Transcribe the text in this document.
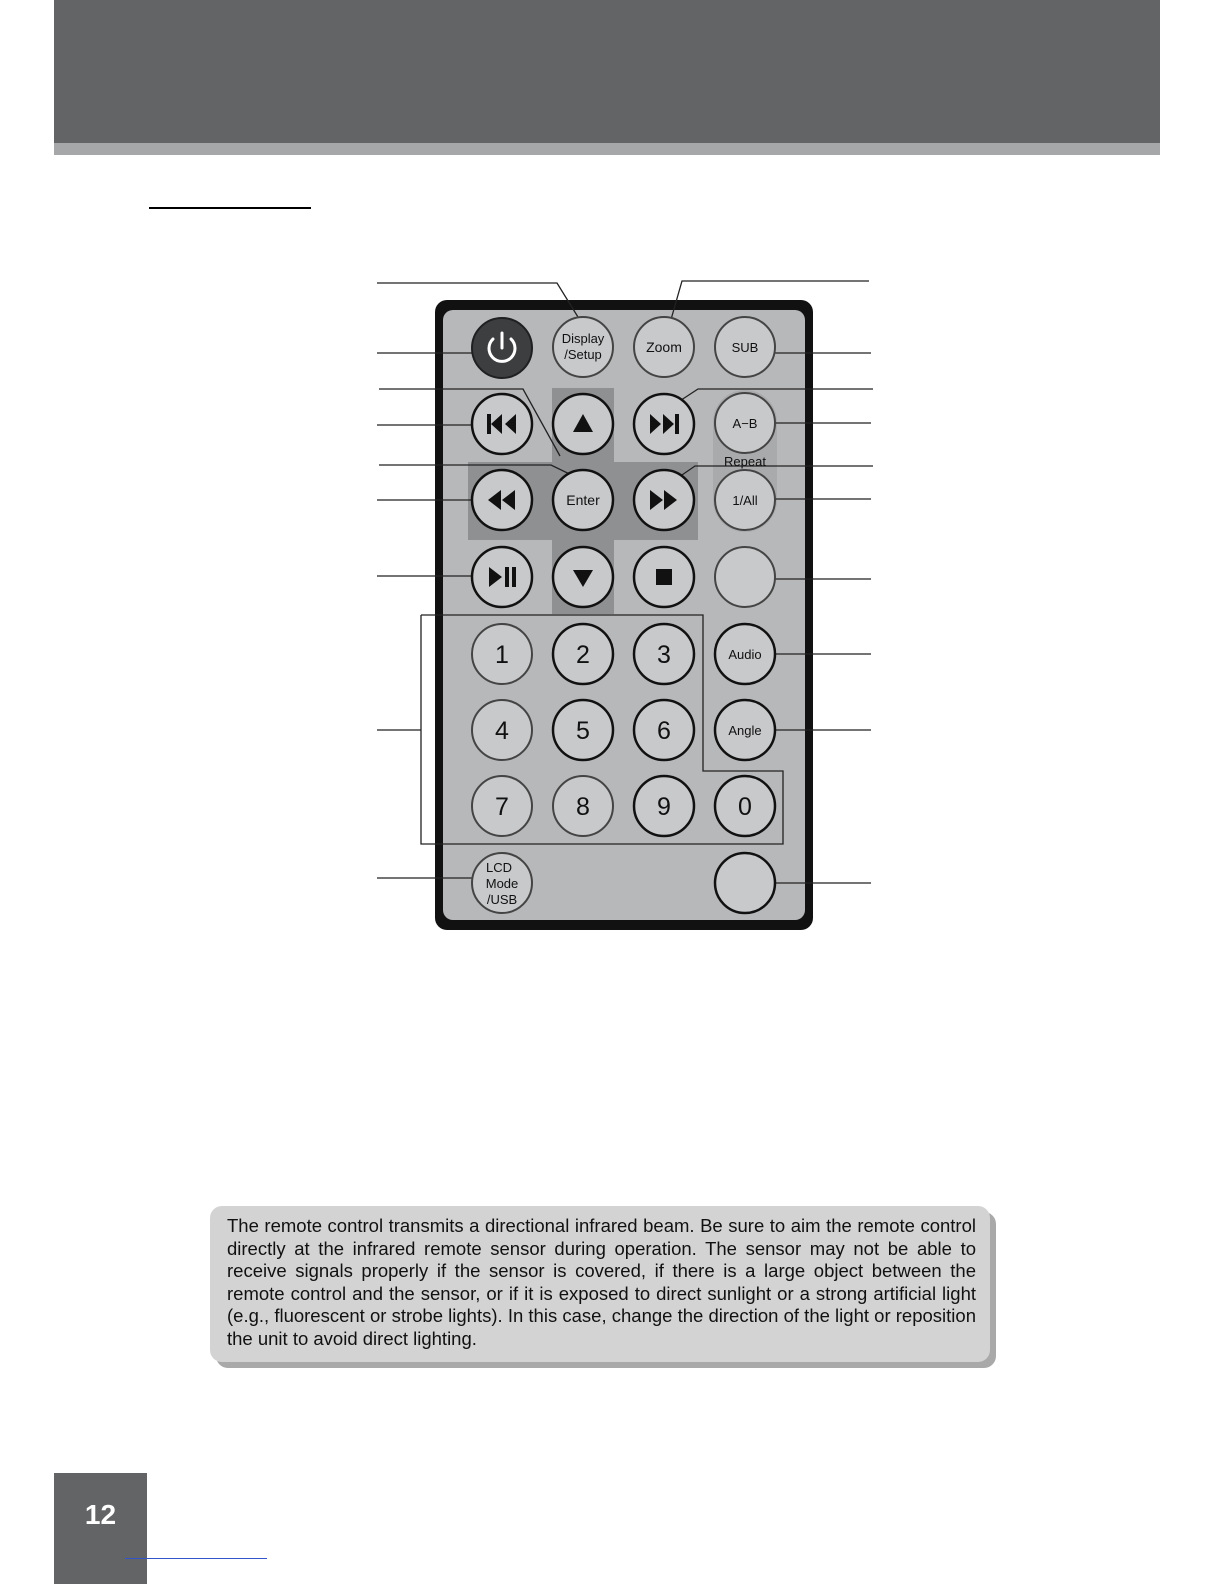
Display
/Setup	Zoom	SUB
A−B
Repeat
Enter	1/All
1	2	3	Audio
4	5	6	Angle
7	8	9	0
LCD
Mode
/USB

The remote control transmits a directional infrared beam. Be sure to aim the remote control directly at the infrared remote sensor during operation. The sensor may not be able to receive signals properly if the sensor is covered, if there is a large object between the remote control and the sensor, or if it is exposed to direct sunlight or a strong artificial light (e.g., fluorescent or strobe lights). In this case, change the direction of the light or reposition the unit to avoid direct lighting.

12
